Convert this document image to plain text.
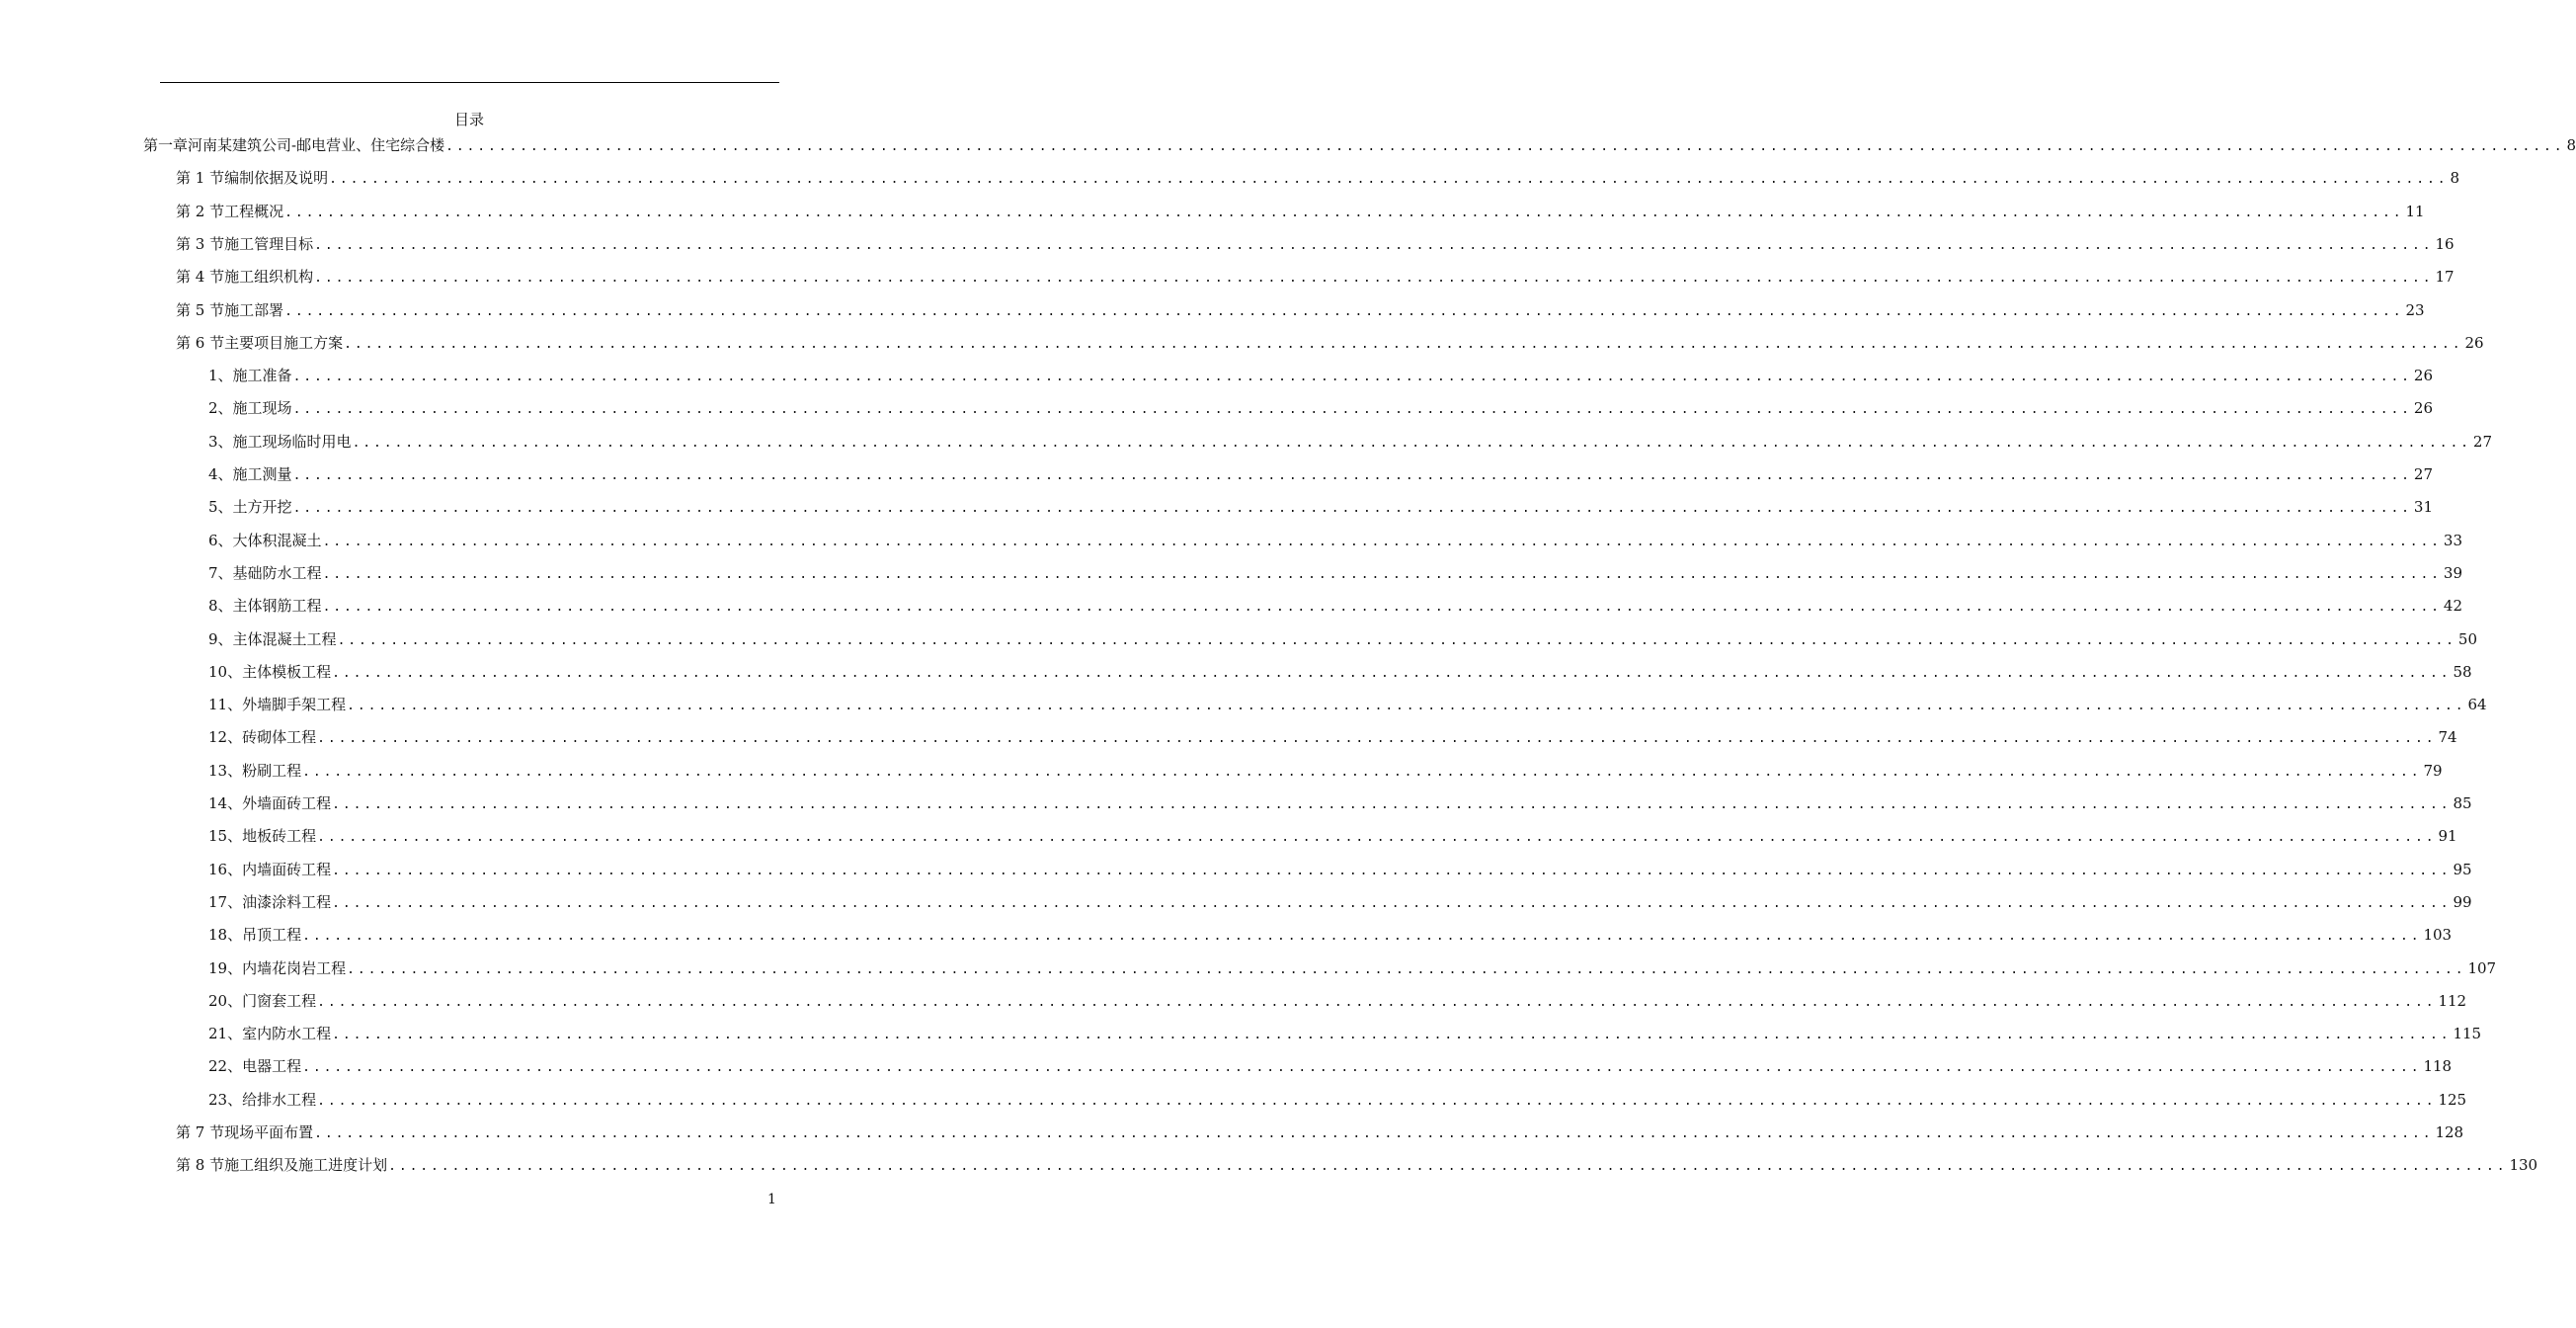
目录
第一章 河南某建筑公司-邮电营业、住宅综合楼 ........................................................................................................................................................................................................ 8
第 1 节 编制依据及说明 ........................................................................................................................................................................................................ 8
第 2 节 工程概况 ........................................................................................................................................................................................................ 11
第 3 节 施工管理目标 ........................................................................................................................................................................................................ 16
第 4 节 施工组织机构 ........................................................................................................................................................................................................ 17
第 5 节 施工部署 ........................................................................................................................................................................................................ 23
第 6 节 主要项目施工方案 ........................................................................................................................................................................................................ 26
1、 施工准备 ........................................................................................................................................................................................................ 26
2、 施工现场 ........................................................................................................................................................................................................ 26
3、 施工现场临时用电 ........................................................................................................................................................................................................ 27
4、 施工测量 ........................................................................................................................................................................................................ 27
5、 土方开挖 ........................................................................................................................................................................................................ 31
6、 大体积混凝土 ........................................................................................................................................................................................................ 33
7、 基础防水工程 ........................................................................................................................................................................................................ 39
8、 主体钢筋工程 ........................................................................................................................................................................................................ 42
9、 主体混凝土工程 ........................................................................................................................................................................................................ 50
10、 主体模板工程 ........................................................................................................................................................................................................ 58
11、 外墙脚手架工程 ........................................................................................................................................................................................................ 64
12、 砖砌体工程 ........................................................................................................................................................................................................ 74
13、 粉刷工程 ........................................................................................................................................................................................................ 79
14、 外墙面砖工程 ........................................................................................................................................................................................................ 85
15、 地板砖工程 ........................................................................................................................................................................................................ 91
16、 内墙面砖工程 ........................................................................................................................................................................................................ 95
17、 油漆涂料工程 ........................................................................................................................................................................................................ 99
18、 吊顶工程 ........................................................................................................................................................................................................ 103
19、 内墙花岗岩工程 ........................................................................................................................................................................................................ 107
20、 门窗套工程 ........................................................................................................................................................................................................ 112
21、 室内防水工程 ........................................................................................................................................................................................................ 115
22、 电器工程 ........................................................................................................................................................................................................ 118
23、 给排水工程 ........................................................................................................................................................................................................ 125
第 7 节 现场平面布置 ........................................................................................................................................................................................................ 128
第 8 节 施工组织及施工进度计划 ........................................................................................................................................................................................................ 130
1
